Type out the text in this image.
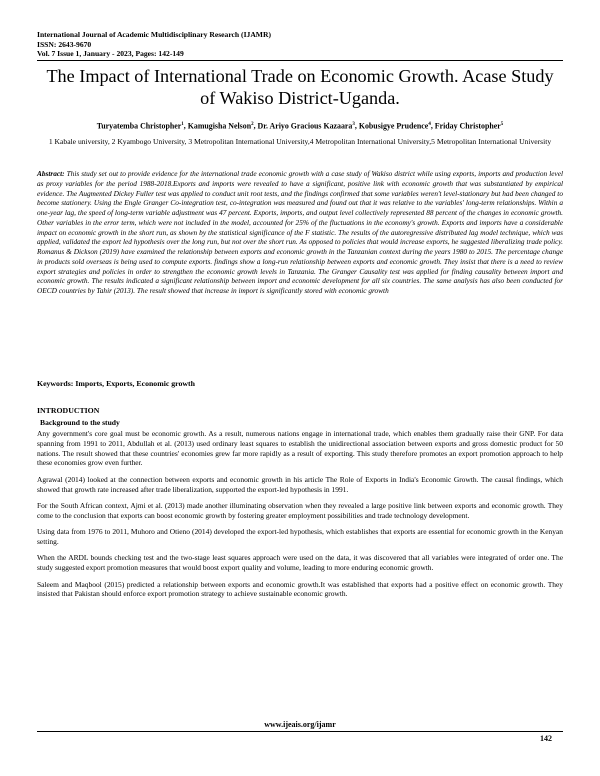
International Journal of Academic Multidisciplinary Research (IJAMR)
ISSN: 2643-9670
Vol. 7 Issue 1, January - 2023, Pages: 142-149
The Impact of International Trade on Economic Growth. Acase Study of Wakiso District-Uganda.
Turyatemba Christopher$^1$, Kamugisha Nelson$^2$, Dr. Ariyo Gracious Kazaara$^3$, Kobusigye Prudence$^4$, Friday Christopher$^5$
1 Kabale university, 2 Kyambogo University, 3 Metropolitan International University,4 Metropolitan International University,5 Metropolitan International University
Abstract: This study set out to provide evidence for the international trade economic growth with a case study of Wakiso district while using exports, imports and production level as proxy variables for the period 1988-2018.Exports and imports were revealed to have a significant, positive link with economic growth that was substantiated by empirical evidence. The Augmented Dickey Fuller test was applied to conduct unit root tests, and the findings confirmed that some variables weren't level-stationary but had been changed to become stationery. Using the Engle Granger Co-integration test, co-integration was measured and found out that it was relative to the variables' long-term relationships. Within a one-year lag, the speed of long-term variable adjustment was 47 percent. Exports, imports, and output level collectively represented 88 percent of the changes in economic growth. Other variables in the error term, which were not included in the model, accounted for 25% of the fluctuations in the economy's growth. Exports and imports have a considerable impact on economic growth in the short run, as shown by the statistical significance of the F statistic. The results of the autoregressive distributed lag model technique, which was applied, validated the export led hypothesis over the long run, but not over the short run. As opposed to policies that would increase exports, he suggested liberalizing trade policy. Romanus & Dickson (2019) have examined the relationship between exports and economic growth in the Tanzanian context during the years 1980 to 2015. The percentage change in products sold overseas is being used to compute exports. findings show a long-run relationship between exports and economic growth. They insist that there is a need to review export strategies and policies in order to strengthen the economic growth levels in Tanzania. The Granger Causality test was applied for finding causality between import and economic growth. The results indicated a significant relationship between import and economic development for all six countries. The same analysis has also been conducted for OECD countries by Tahir (2013). The result showed that increase in import is significantly stored with economic growth
Keywords: Imports, Exports, Economic growth
INTRODUCTION
Background to the study

Any government's core goal must be economic growth. As a result, numerous nations engage in international trade, which enables them gradually raise their GNP. For data spanning from 1991 to 2011, Abdullah et al. (2013) used ordinary least squares to establish the unidirectional association between exports and gross domestic product for 50 nations. The result showed that these countries' economies grew far more rapidly as a result of exporting. This study therefore promotes an export promotion approach to help these economies grow even further.

Agrawal (2014) looked at the connection between exports and economic growth in his article The Role of Exports in India's Economic Growth. The causal findings, which showed that growth rate increased after trade liberalization, supported the export-led hypothesis in 1991.

For the South African context, Ajmi et al. (2013) made another illuminating observation when they revealed a large positive link between exports and economic growth. They come to the conclusion that exports can boost economic growth by fostering greater employment possibilities and trade technology development.

Using data from 1976 to 2011, Muhoro and Otieno (2014) developed the export-led hypothesis, which establishes that exports are essential for economic growth in the Kenyan setting.

When the ARDL bounds checking test and the two-stage least squares approach were used on the data, it was discovered that all variables were integrated of order one. The study suggested export promotion measures that would boost export quality and volume, leading to more enduring economic growth.

Saleem and Maqbool (2015) predicted a relationship between exports and economic growth.It was established that exports had a positive effect on economic growth. They insisted that Pakistan should enforce export promotion strategy to achieve sustainable economic growth.

www.ijeais.org/ijamr
142
